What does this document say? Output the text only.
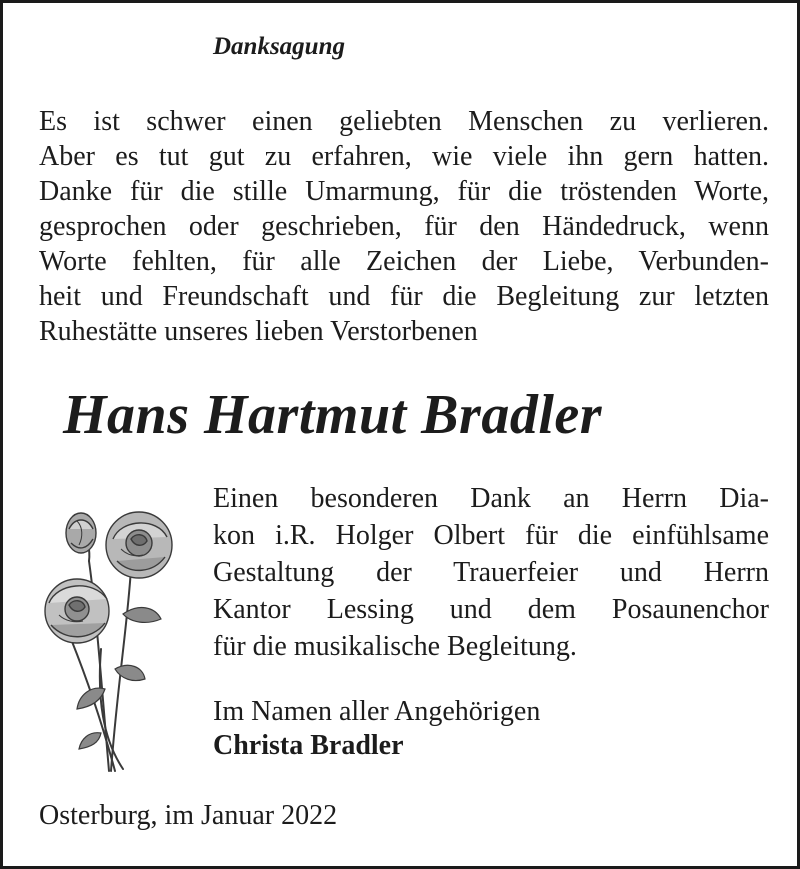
Danksagung
Es ist schwer einen geliebten Menschen zu verlieren.
Aber es tut gut zu erfahren, wie viele ihn gern hatten.
Danke für die stille Umarmung, für die tröstenden Worte,
gesprochen oder geschrieben, für den Händedruck, wenn
Worte fehlten, für alle Zeichen der Liebe, Verbunden-
heit und Freundschaft und für die Begleitung zur letzten
Ruhestätte unseres lieben Verstorbenen
Hans Hartmut Bradler
Einen besonderen Dank an Herrn Dia-
kon i.R. Holger Olbert für die einfühlsame
Gestaltung der Trauerfeier und Herrn
Kantor Lessing und dem Posaunenchor
für die musikalische Begleitung.
Im Namen aller Angehörigen
Christa Bradler
Osterburg, im Januar 2022
